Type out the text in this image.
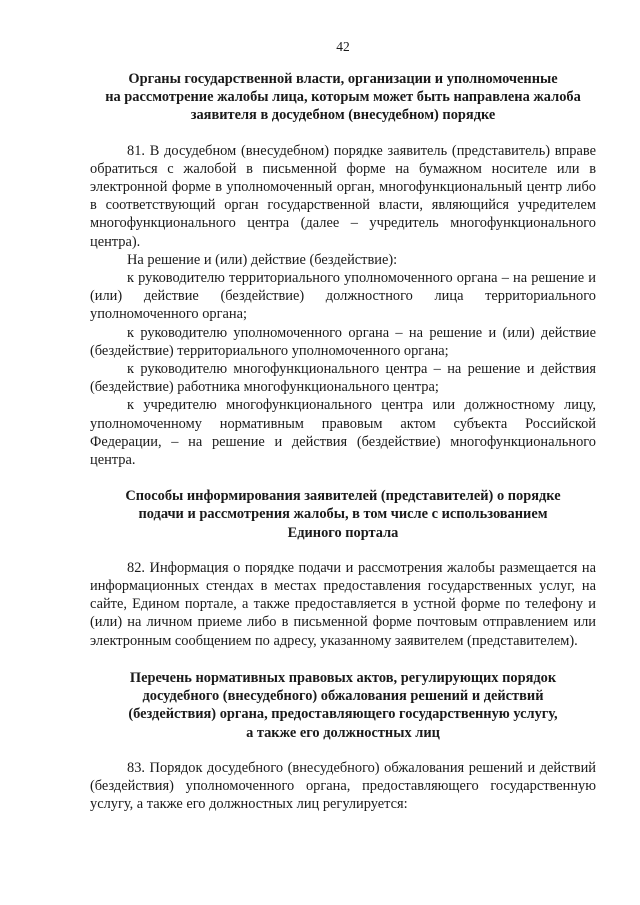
42

Органы государственной власти, организации и уполномоченные
на рассмотрение жалобы лица, которым может быть направлена жалоба
заявителя в досудебном (внесудебном) порядке

81. В досудебном (внесудебном) порядке заявитель (представитель) вправе обратиться с жалобой в письменной форме на бумажном носителе или в электронной форме в уполномоченный орган, многофункциональный центр либо в соответствующий орган государственной власти, являющийся учредителем многофункционального центра (далее – учредитель многофункционального центра).

На решение и (или) действие (бездействие):

к руководителю территориального уполномоченного органа – на решение и (или) действие (бездействие) должностного лица территориального уполномоченного органа;

к руководителю уполномоченного органа – на решение и (или) действие (бездействие) территориального уполномоченного органа;

к руководителю многофункционального центра – на решение и действия (бездействие) работника многофункционального центра;

к учредителю многофункционального центра или должностному лицу, уполномоченному нормативным правовым актом субъекта Российской Федерации, – на решение и действия (бездействие) многофункционального центра.

Способы информирования заявителей (представителей) о порядке
подачи и рассмотрения жалобы, в том числе с использованием
Единого портала

82. Информация о порядке подачи и рассмотрения жалобы размещается на информационных стендах в местах предоставления государственных услуг, на сайте, Едином портале, а также предоставляется в устной форме по телефону и (или) на личном приеме либо в письменной форме почтовым отправлением или электронным сообщением по адресу, указанному заявителем (представителем).

Перечень нормативных правовых актов, регулирующих порядок
досудебного (внесудебного) обжалования решений и действий
(бездействия) органа, предоставляющего государственную услугу,
а также его должностных лиц

83. Порядок досудебного (внесудебного) обжалования решений и действий (бездействия) уполномоченного органа, предоставляющего государственную услугу, а также его должностных лиц регулируется:
